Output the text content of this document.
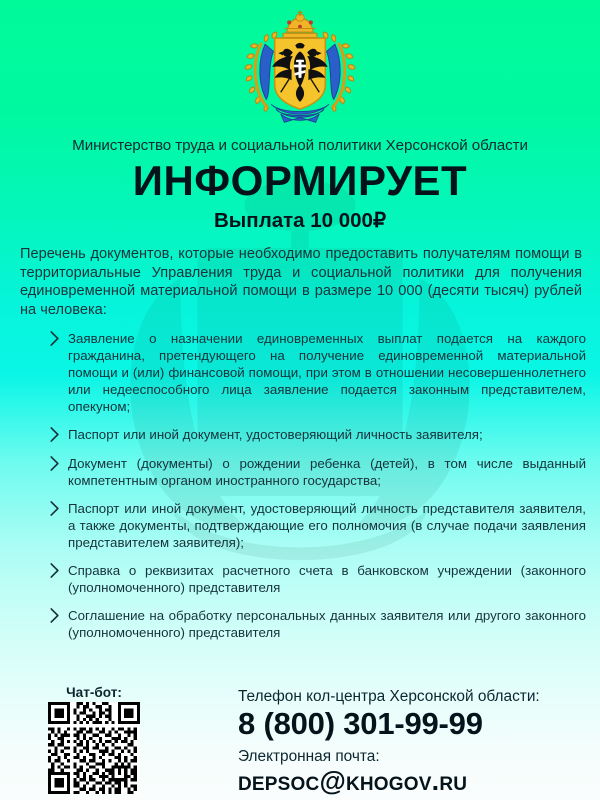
Министерство труда и социальной политики Херсонской области
ИНФОРМИРУЕТ
Выплата 10 000₽
Перечень документов, которые необходимо предоставить получателям помощи в территориальные Управления труда и социальной политики для получения единовременной материальной помощи в размере 10 000 (десяти тысяч) рублей на человека:
Заявление о назначении единовременных выплат подается на каждого гражданина, претендующего на получение единовременной материальной помощи и (или) финансовой помощи, при этом в отношении несовершеннолетнего или недееспособного лица заявление подается законным представителем, опекуном;
Паспорт или иной документ, удостоверяющий личность заявителя;
Документ (документы) о рождении ребенка (детей), в том числе выданный компетентным органом иностранного государства;
Паспорт или иной документ, удостоверяющий личность представителя заявителя, а также документы, подтверждающие его полномочия (в случае подачи заявления представителем заявителя);
Справка о реквизитах расчетного счета в банковском учреждении (законного (уполномоченного) представителя
Соглашение на обработку персональных данных заявителя или другого законного (уполномоченного) представителя
Чат-бот:	Телефон кол-центра Херсонской области:
8 (800) 301-99-99
Электронная почта:
depsoc@khogov.ru
